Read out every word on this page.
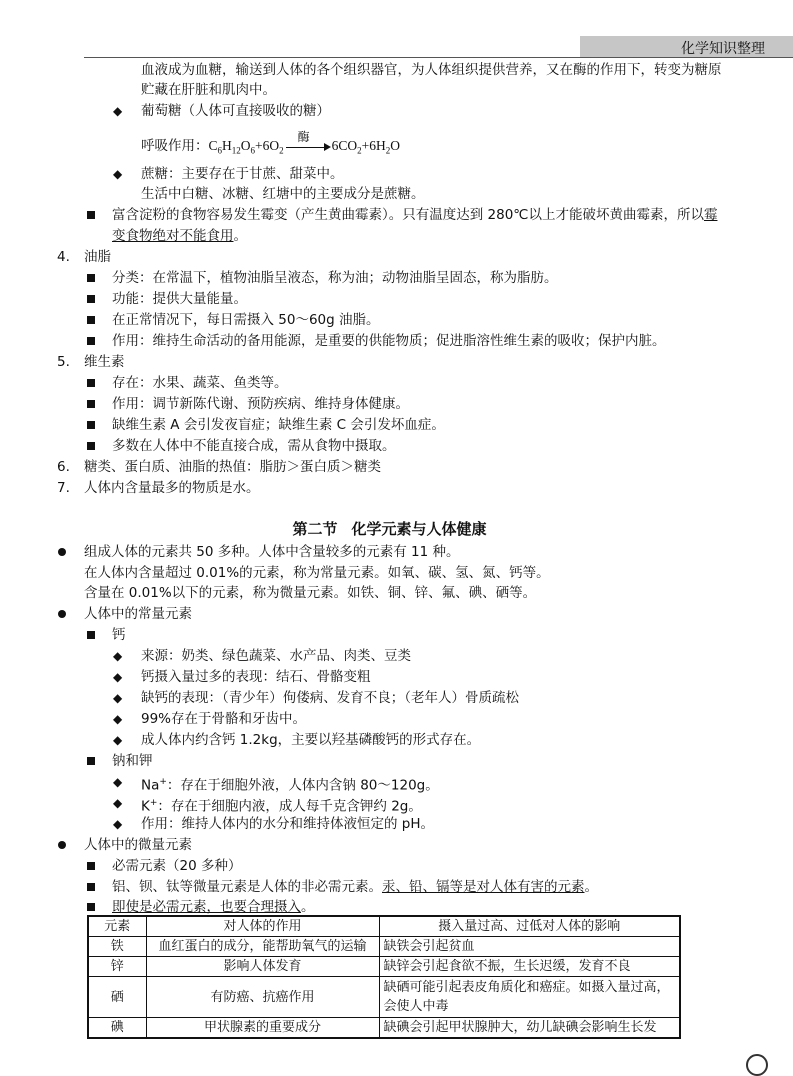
化学知识整理
血液成为血糖，输送到人体的各个组织器官，为人体组织提供营养，又在酶的作用下，转变为糖原
贮藏在肝脏和肌肉中。
◆ 葡萄糖（人体可直接吸收的糖）
呼吸作用：$C_6H_{12}O_6+6O_2$
酶
$6CO_2+6H_2O$
◆ 蔗糖：主要存在于甘蔗、甜菜中。
生活中白糖、冰糖、红塘中的主要成分是蔗糖。
富含淀粉的食物容易发生霉变（产生黄曲霉素）。只有温度达到 280℃以上才能破坏黄曲霉素，所以霉
变食物绝对不能食用。
4. 油脂
分类：在常温下，植物油脂呈液态，称为油；动物油脂呈固态，称为脂肪。
功能：提供大量能量。
在正常情况下，每日需摄入 50～60g 油脂。
作用：维持生命活动的备用能源，是重要的供能物质；促进脂溶性维生素的吸收；保护内脏。
5. 维生素
存在：水果、蔬菜、鱼类等。
作用：调节新陈代谢、预防疾病、维持身体健康。
缺维生素 A 会引发夜盲症；缺维生素 C 会引发坏血症。
多数在人体中不能直接合成，需从食物中摄取。
6. 糖类、蛋白质、油脂的热值：脂肪＞蛋白质＞糖类
7. 人体内含量最多的物质是水。
第二节 化学元素与人体健康
组成人体的元素共 50 多种。人体中含量较多的元素有 11 种。
在人体内含量超过 0.01%的元素，称为常量元素。如氧、碳、氢、氮、钙等。
含量在 0.01%以下的元素，称为微量元素。如铁、铜、锌、氟、碘、硒等。
人体中的常量元素
钙
◆ 来源：奶类、绿色蔬菜、水产品、肉类、豆类
◆ 钙摄入量过多的表现：结石、骨骼变粗
◆ 缺钙的表现：（青少年）佝偻病、发育不良；（老年人）骨质疏松
◆ 99%存在于骨骼和牙齿中。
◆ 成人体内约含钙 1.2kg，主要以羟基磷酸钙的形式存在。
钠和钾
◆ Na+：存在于细胞外液，人体内含钠 80～120g。
◆ K+：存在于细胞内液，成人每千克含钾约 2g。
◆ 作用：维持人体内的水分和维持体液恒定的 pH。
人体中的微量元素
必需元素（20 多种）
铝、钡、钛等微量元素是人体的非必需元素。汞、铅、镉等是对人体有害的元素。
即使是必需元素，也要合理摄入。
元素	对人体的作用	摄入量过高、过低对人体的影响
铁	血红蛋白的成分，能帮助氧气的运输	缺铁会引起贫血
锌	影响人体发育	缺锌会引起食欲不振，生长迟缓，发育不良
硒	有防癌、抗癌作用	缺硒可能引起表皮角质化和癌症。如摄入量过高，会使人中毒
碘	甲状腺素的重要成分	缺碘会引起甲状腺肿大，幼儿缺碘会影响生长发
